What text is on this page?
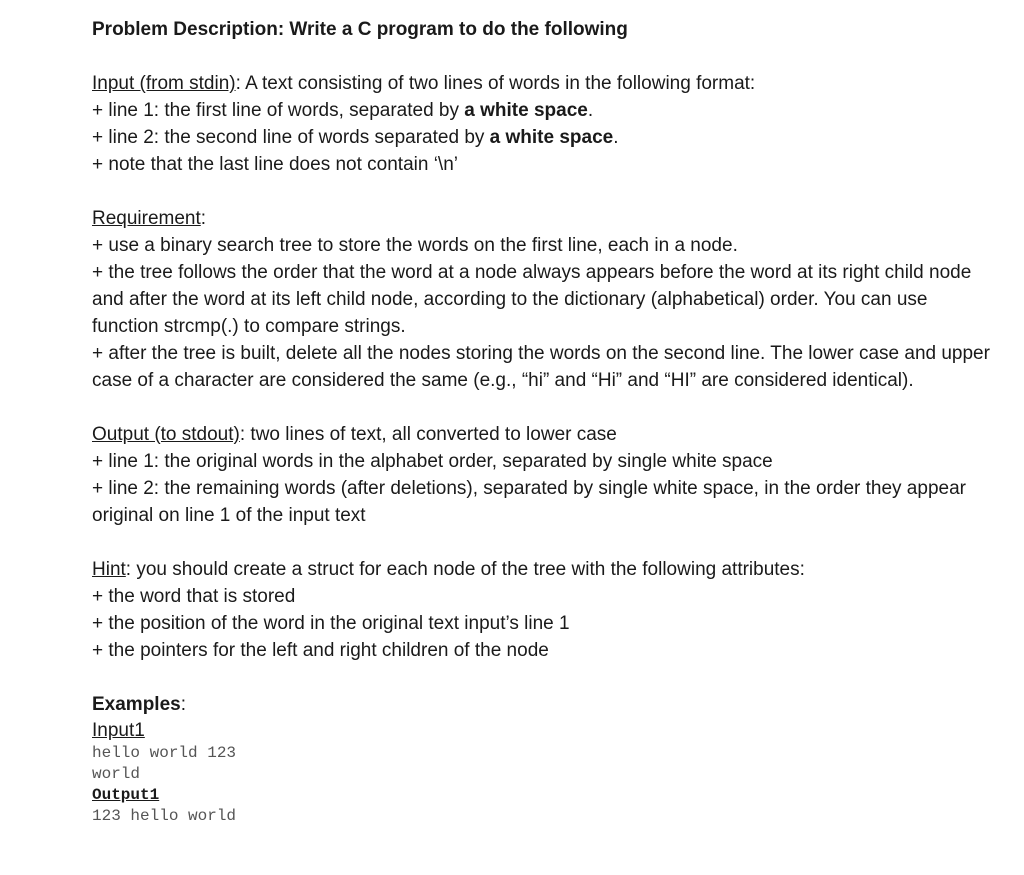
Problem Description: Write a C program to do the following

Input (from stdin): A text consisting of two lines of words in the following format:
+ line 1: the first line of words, separated by a white space.
+ line 2: the second line of words separated by a white space.
+ note that the last line does not contain ‘\n’
Requirement:
+ use a binary search tree to store the words on the first line, each in a node.
+ the tree follows the order that the word at a node always appears before the word at its right child node and after the word at its left child node, according to the dictionary (alphabetical) order. You can use function strcmp(.) to compare strings.
+ after the tree is built, delete all the nodes storing the words on the second line. The lower case and upper case of a character are considered the same (e.g., “hi” and “Hi” and “HI” are considered identical).
Output (to stdout): two lines of text, all converted to lower case
+ line 1: the original words in the alphabet order, separated by single white space
+ line 2: the remaining words (after deletions), separated by single white space, in the order they appear original on line 1 of the input text
Hint: you should create a struct for each node of the tree with the following attributes:
+ the word that is stored
+ the position of the word in the original text input’s line 1
+ the pointers for the left and right children of the node
Examples:
Input1
hello world 123
world
Output1
123 hello world
